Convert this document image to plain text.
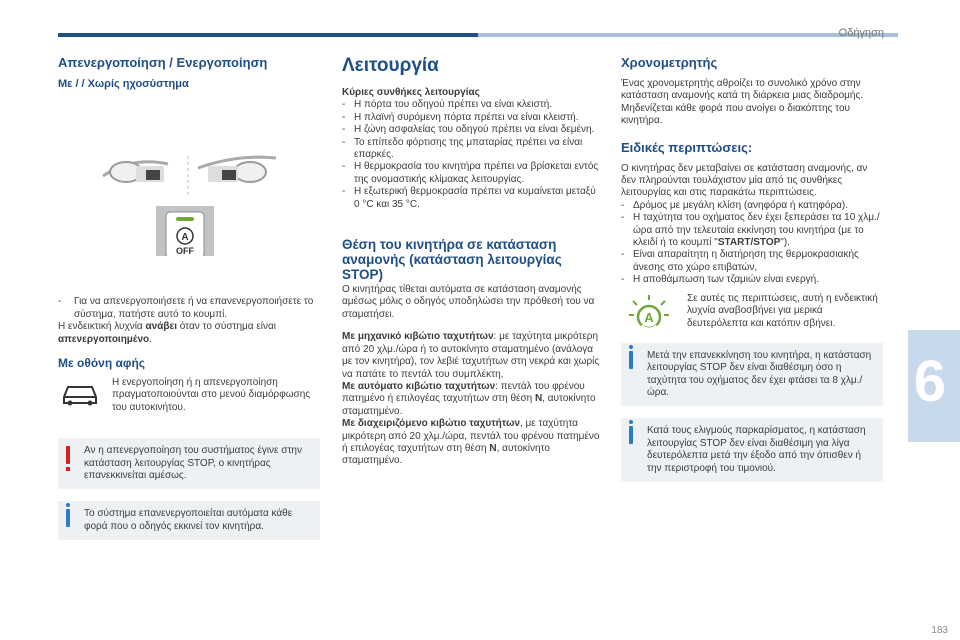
Οδήγηση
6
183
Απενεργοποίηση / Ενεργοποίηση
Με / / Χωρίς ηχοσύστημα
A
OFF
- Για να απενεργοποιήσετε ή να επανενεργοποιήσετε το σύστημα, πατήστε αυτό το κουμπί.

Η ενδεικτική λυχνία ανάβει όταν το σύστημα είναι απενεργοποιημένο.

Με οθόνη αφής

Η ενεργοποίηση ή η απενεργοποίηση πραγματοποιούνται στο μενού διαμόρφωσης του αυτοκινήτου.

Αν η απενεργοποίηση του συστήματος έγινε στην κατάσταση λειτουργίας STOP, ο κινητήρας επανεκκινείται αμέσως.

Το σύστημα επανενεργοποιείται αυτόματα κάθε φορά που ο οδηγός εκκινεί τον κινητήρα.

Λειτουργία

Κύριες συνθήκες λειτουργίας

- Η πόρτα του οδηγού πρέπει να είναι κλειστή.
- Η πλαϊνή συρόμενη πόρτα πρέπει να είναι κλειστή.
- Η ζώνη ασφαλείας του οδηγού πρέπει να είναι δεμένη.
- Το επίπεδο φόρτισης της μπαταρίας πρέπει να είναι επαρκές.
- Η θερμοκρασία του κινητήρα πρέπει να βρίσκεται εντός της ονομαστικής κλίμακας λειτουργίας.
- Η εξωτερική θερμοκρασία πρέπει να κυμαίνεται μεταξύ 0 °C και 35 °C.
Θέση του κινητήρα σε κατάσταση αναμονής (κατάσταση λειτουργίας STOP)

Ο κινητήρας τίθεται αυτόματα σε κατάσταση αναμονής αμέσως μόλις ο οδηγός υποδηλώσει την πρόθεσή του να σταματήσει.

Με μηχανικό κιβώτιο ταχυτήτων: με ταχύτητα μικρότερη από 20 χλμ./ώρα ή το αυτοκίνητο σταματημένο (ανάλογα με τον κινητήρα), τον λεβιέ ταχυτήτων στη νεκρά και χωρίς να πατάτε το πεντάλ του συμπλέκτη,

Με αυτόματο κιβώτιο ταχυτήτων: πεντάλ του φρένου πατημένο ή επιλογέας ταχυτήτων στη θέση N, αυτοκίνητο σταματημένο.

Με διαχειριζόμενο κιβώτιο ταχυτήτων, με ταχύτητα μικρότερη από 20 χλμ./ώρα, πεντάλ του φρένου πατημένο ή επιλογέας ταχυτήτων στη θέση N, αυτοκίνητο σταματημένο.

Χρονομετρητής

Ένας χρονομετρητής αθροίζει το συνολικό χρόνο στην κατάσταση αναμονής κατά τη διάρκεια μιας διαδρομής. Μηδενίζεται κάθε φορά που ανοίγει ο διακόπτης του κινητήρα.

Ειδικές περιπτώσεις:

Ο κινητήρας δεν μεταβαίνει σε κατάσταση αναμονής, αν δεν πληρούνται τουλάχιστον μία από τις συνθήκες λειτουργίας και στις παρακάτω περιπτώσεις.

- Δρόμος με μεγάλη κλίση (ανηφόρα ή κατηφόρα).
- Η ταχύτητα του οχήματος δεν έχει ξεπεράσει τα 10 χλμ./ώρα από την τελευταία εκκίνηση του κινητήρα (με το κλειδί ή το κουμπί "START/STOP").
- Είναι απαραίτητη η διατήρηση της θερμοκρασιακής άνεσης στο χώρο επιβατών,
- Η αποθάμπωση των τζαμιών είναι ενεργή.
A

Σε αυτές τις περιπτώσεις, αυτή η ενδεικτική λυχνία αναβοσβήνει για μερικά δευτερόλεπτα και κατόπιν σβήνει.

Μετά την επανεκκίνηση του κινητήρα, η κατάσταση λειτουργίας STOP δεν είναι διαθέσιμη όσο η ταχύτητα του οχήματος δεν έχει φτάσει τα 8 χλμ./ώρα.

Κατά τους ελιγμούς παρκαρίσματος, η κατάσταση λειτουργίας STOP δεν είναι διαθέσιμη για λίγα δευτερόλεπτα μετά την έξοδο από την όπισθεν ή την περιστροφή του τιμονιού.
